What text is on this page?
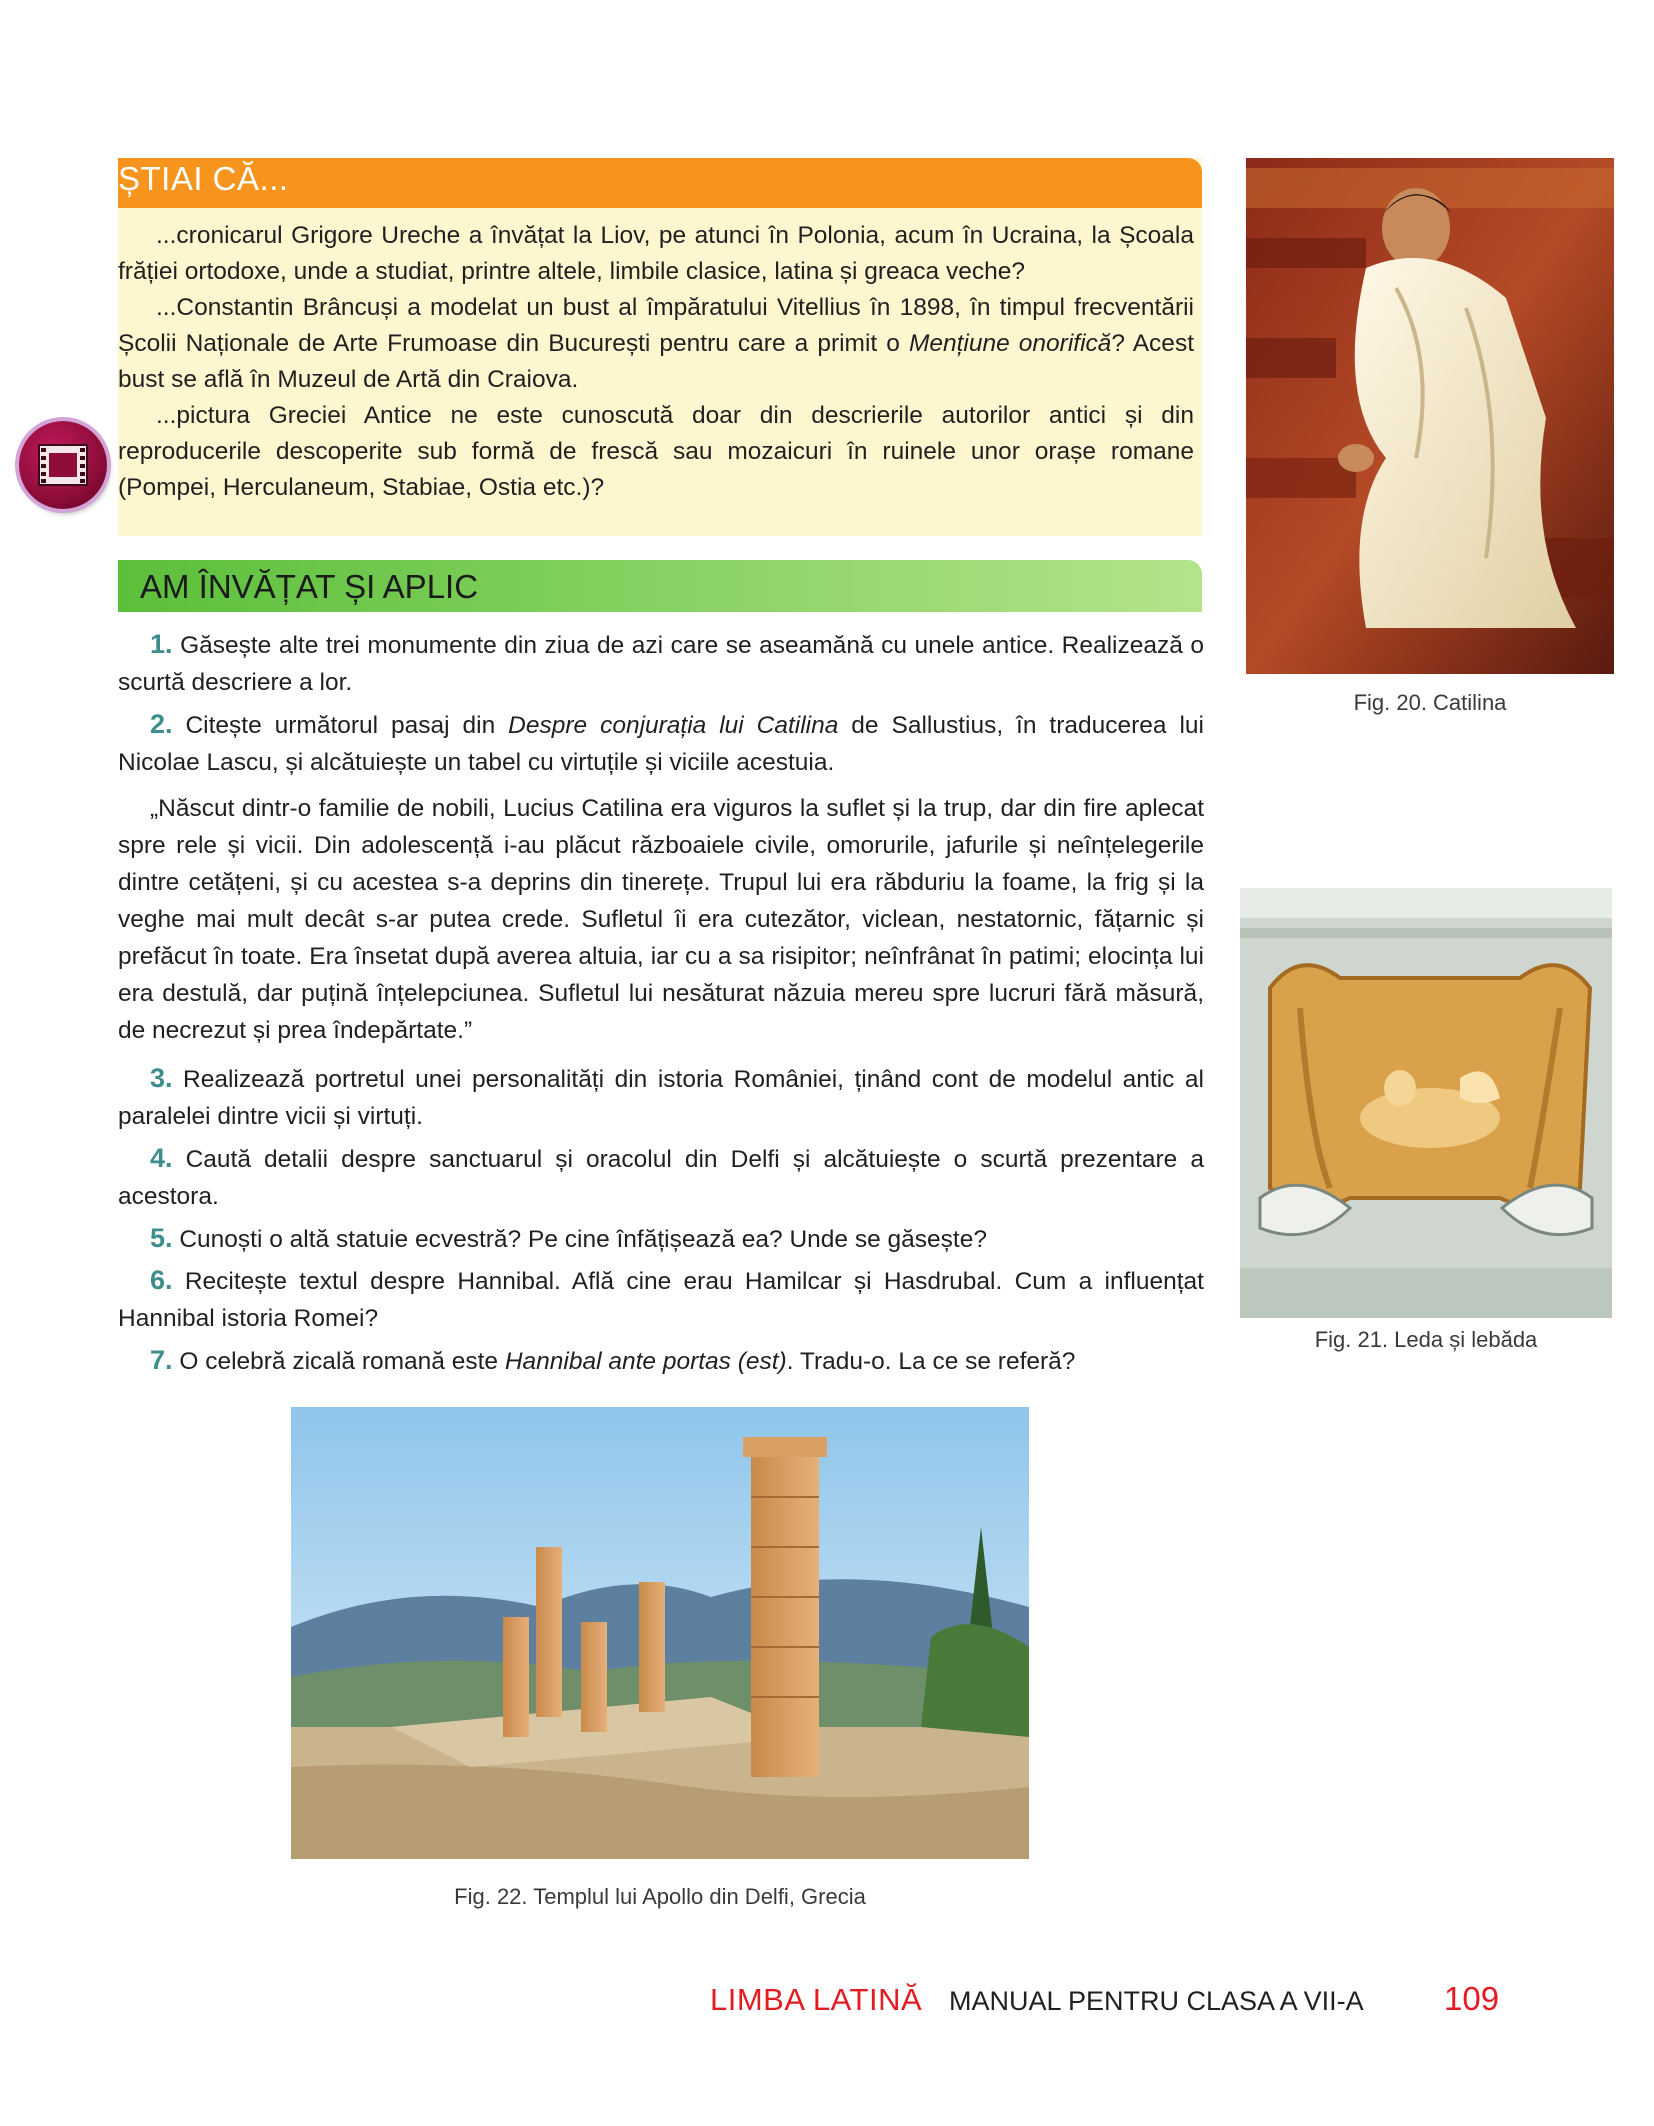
ȘTIAI CĂ...

...cronicarul Grigore Ureche a învățat la Liov, pe atunci în Polonia, acum în Ucraina, la Școala frăției ortodoxe, unde a studiat, printre altele, limbile clasice, latina și greaca veche?

...Constantin Brâncuși a modelat un bust al împăratului Vitellius în 1898, în timpul frecventării Școlii Naționale de Arte Frumoase din București pentru care a primit o Mențiune onorifică? Acest bust se află în Muzeul de Artă din Craiova.

...pictura Greciei Antice ne este cunoscută doar din descrierile autorilor antici și din reproducerile descoperite sub formă de frescă sau mozaicuri în ruinele unor orașe romane (Pompei, Herculaneum, Stabiae, Ostia etc.)?

AM ÎNVĂȚAT ȘI APLIC

1. Găsește alte trei monumente din ziua de azi care se aseamănă cu unele antice. Realizează o scurtă descriere a lor.

2. Citește următorul pasaj din Despre conjurația lui Catilina de Sallustius, în traducerea lui Nicolae Lascu, și alcătuiește un tabel cu virtuțile și viciile acestuia.

„Născut dintr-o familie de nobili, Lucius Catilina era viguros la suflet și la trup, dar din fire aplecat spre rele și vicii. Din adolescență i-au plăcut războaiele civile, omorurile, jafurile și neînțelegerile dintre cetățeni, și cu acestea s-a deprins din tinerețe. Trupul lui era răbduriu la foame, la frig și la veghe mai mult decât s-ar putea crede. Sufletul îi era cutezător, viclean, nestatornic, fățarnic și prefăcut în toate. Era însetat după averea altuia, iar cu a sa risipitor; neînfrânat în patimi; elocința lui era destulă, dar puțină înțelepciunea. Sufletul lui nesăturat năzuia mereu spre lucruri fără măsură, de necrezut și prea îndepărtate.”

3. Realizează portretul unei personalități din istoria României, ținând cont de modelul antic al paralelei dintre vicii și virtuți.

4. Caută detalii despre sanctuarul și oracolul din Delfi și alcătuiește o scurtă prezentare a acestora.

5. Cunoști o altă statuie ecvestră? Pe cine înfățișează ea? Unde se găsește?

6. Recitește textul despre Hannibal. Află cine erau Hamilcar și Hasdrubal. Cum a influențat Hannibal istoria Romei?

7. O celebră zicală romană este Hannibal ante portas (est). Tradu-o. La ce se referă?

Fig. 20. Catilina
Fig. 21. Leda și lebăda
Fig. 22. Templul lui Apollo din Delfi, Grecia
LIMBA LATINĂ MANUAL PENTRU CLASA A VII-A 109
